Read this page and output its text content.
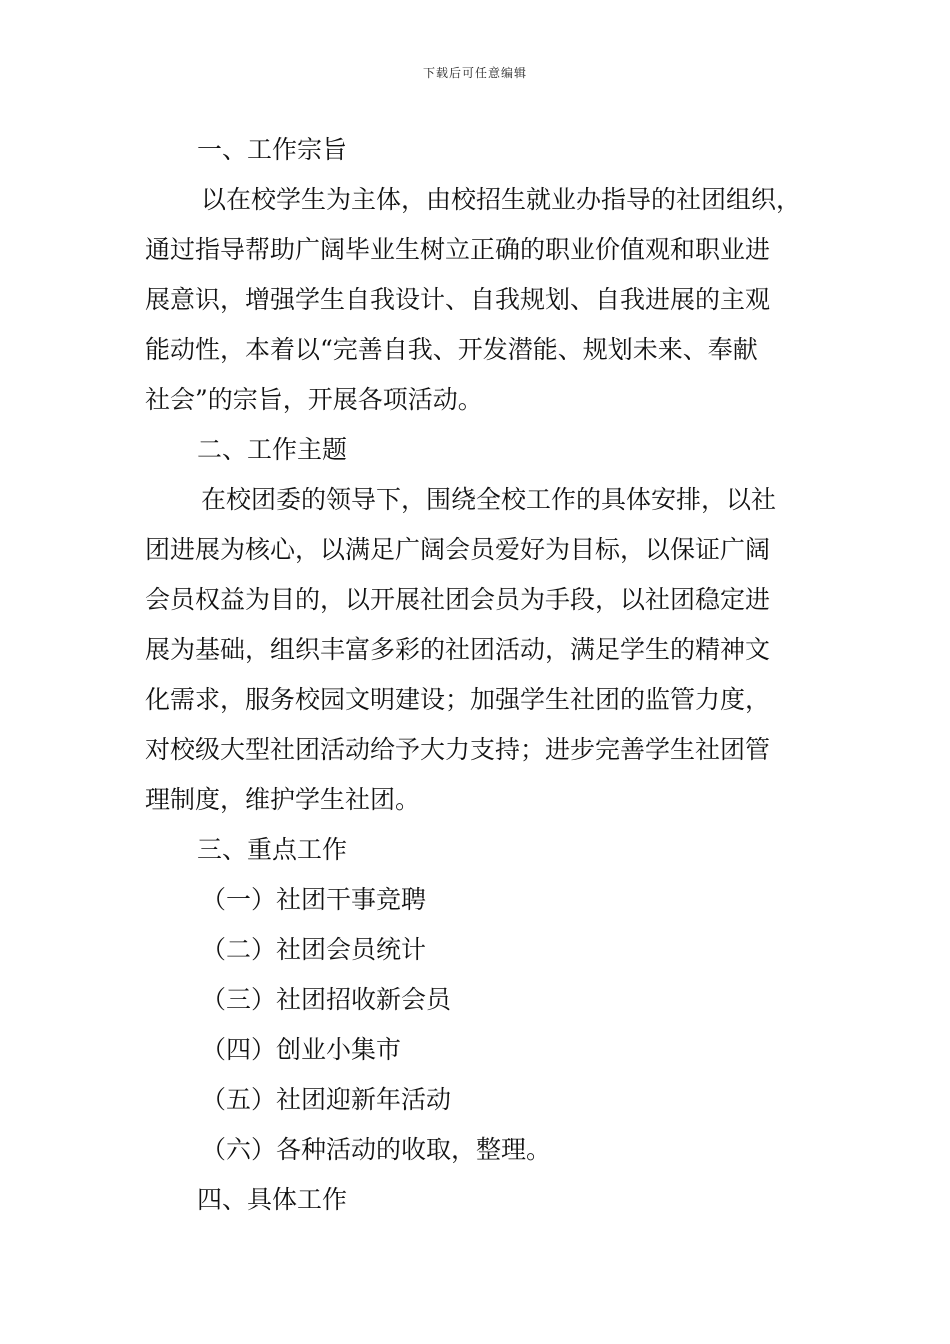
下载后可任意编辑
一、工作宗旨
以在校学生为主体，由校招生就业办指导的社团组织，
通过指导帮助广阔毕业生树立正确的职业价值观和职业进
展意识，增强学生自我设计、自我规划、自我进展的主观
能动性，本着以“完善自我、开发潜能、规划未来、奉献
社会”的宗旨，开展各项活动。
二、工作主题
在校团委的领导下，围绕全校工作的具体安排，以社
团进展为核心，以满足广阔会员爱好为目标，以保证广阔
会员权益为目的，以开展社团会员为手段，以社团稳定进
展为基础，组织丰富多彩的社团活动，满足学生的精神文
化需求，服务校园文明建设；加强学生社团的监管力度，
对校级大型社团活动给予大力支持；进步完善学生社团管
理制度，维护学生社团。
三、重点工作
（一）社团干事竞聘
（二）社团会员统计
（三）社团招收新会员
（四）创业小集市
（五）社团迎新年活动
（六）各种活动的收取，整理。
四、具体工作
